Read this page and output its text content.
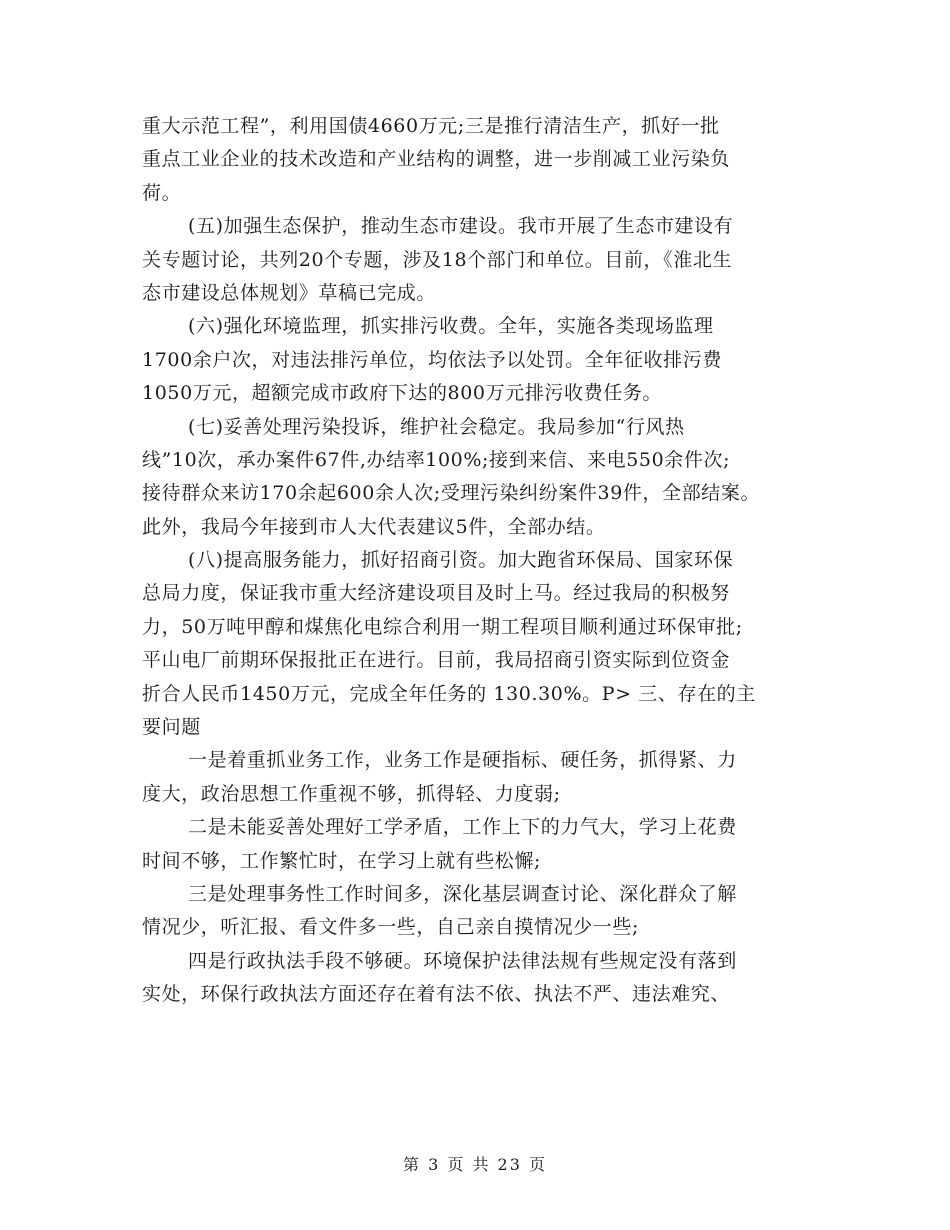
重大示范工程”，利用国债4660万元;三是推行清洁生产，抓好一批
重点工业企业的技术改造和产业结构的调整，进一步削减工业污染负
荷。
(五)加强生态保护，推动生态市建设。我市开展了生态市建设有
关专题讨论，共列20个专题，涉及18个部门和单位。目前，《淮北生
态市建设总体规划》草稿已完成。
(六)强化环境监理，抓实排污收费。全年，实施各类现场监理
1700余户次，对违法排污单位，均依法予以处罚。全年征收排污费
1050万元，超额完成市政府下达的800万元排污收费任务。
(七)妥善处理污染投诉，维护社会稳定。我局参加“行风热
线”10次，承办案件67件,办结率100%;接到来信、来电550余件次;
接待群众来访170余起600余人次;受理污染纠纷案件39件，全部结案。
此外，我局今年接到市人大代表建议5件，全部办结。
(八)提高服务能力，抓好招商引资。加大跑省环保局、国家环保
总局力度，保证我市重大经济建设项目及时上马。经过我局的积极努
力，50万吨甲醇和煤焦化电综合利用一期工程项目顺利通过环保审批;
平山电厂前期环保报批正在进行。目前，我局招商引资实际到位资金
折合人民币1450万元，完成全年任务的 130.30%。P> 三、存在的主
要问题
一是着重抓业务工作，业务工作是硬指标、硬任务，抓得紧、力
度大，政治思想工作重视不够，抓得轻、力度弱;
二是未能妥善处理好工学矛盾，工作上下的力气大，学习上花费
时间不够，工作繁忙时，在学习上就有些松懈;
三是处理事务性工作时间多，深化基层调查讨论、深化群众了解
情况少，听汇报、看文件多一些，自己亲自摸情况少一些;
四是行政执法手段不够硬。环境保护法律法规有些规定没有落到
实处，环保行政执法方面还存在着有法不依、执法不严、违法难究、
第 3 页 共 23 页
